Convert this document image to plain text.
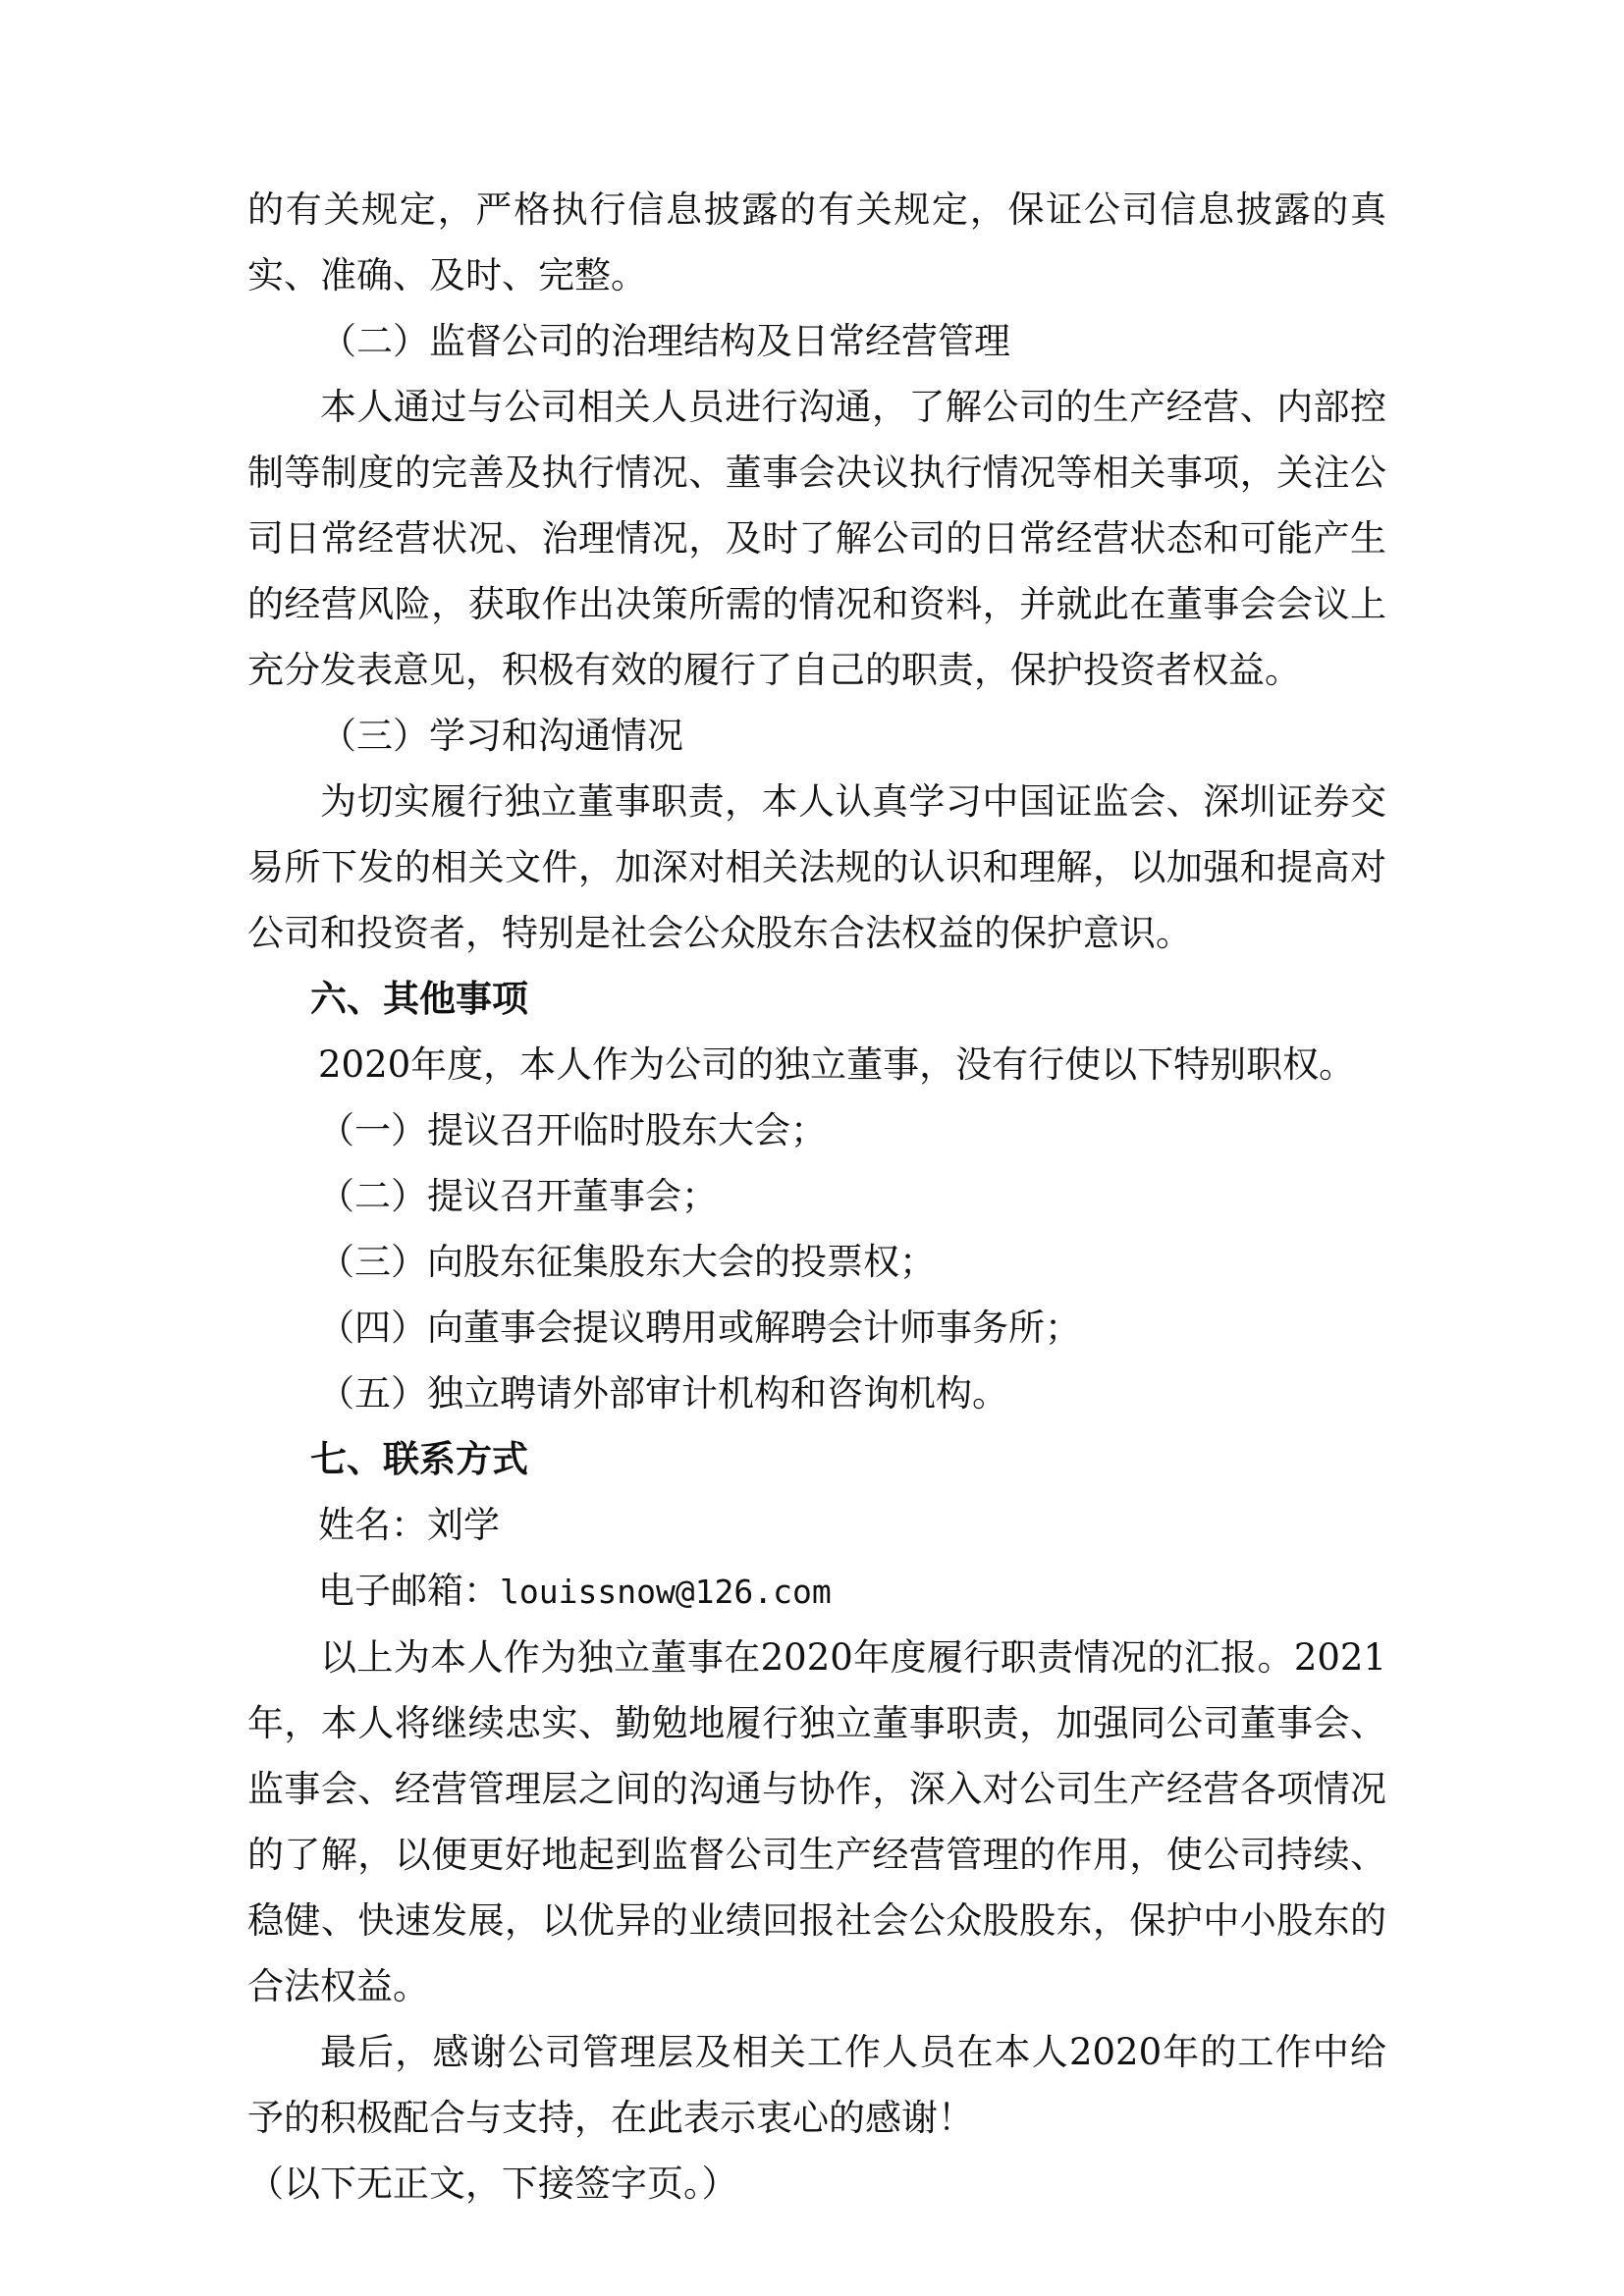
的有关规定，严格执行信息披露的有关规定，保证公司信息披露的真实、准确、及时、完整。

（二）监督公司的治理结构及日常经营管理

本人通过与公司相关人员进行沟通，了解公司的生产经营、内部控制等制度的完善及执行情况、董事会决议执行情况等相关事项，关注公司日常经营状况、治理情况，及时了解公司的日常经营状态和可能产生的经营风险，获取作出决策所需的情况和资料，并就此在董事会会议上充分发表意见，积极有效的履行了自己的职责，保护投资者权益。

（三）学习和沟通情况

为切实履行独立董事职责，本人认真学习中国证监会、深圳证券交易所下发的相关文件，加深对相关法规的认识和理解，以加强和提高对公司和投资者，特别是社会公众股东合法权益的保护意识。

六、其他事项

2020年度，本人作为公司的独立董事，没有行使以下特别职权。

（一）提议召开临时股东大会；

（二）提议召开董事会；

（三）向股东征集股东大会的投票权；

（四）向董事会提议聘用或解聘会计师事务所；

（五）独立聘请外部审计机构和咨询机构。

七、联系方式

姓名：刘学

电子邮箱：louissnow@126.com

以上为本人作为独立董事在2020年度履行职责情况的汇报。2021年，本人将继续忠实、勤勉地履行独立董事职责，加强同公司董事会、监事会、经营管理层之间的沟通与协作，深入对公司生产经营各项情况的了解，以便更好地起到监督公司生产经营管理的作用，使公司持续、稳健、快速发展，以优异的业绩回报社会公众股股东，保护中小股东的合法权益。

最后，感谢公司管理层及相关工作人员在本人2020年的工作中给予的积极配合与支持，在此表示衷心的感谢！

（以下无正文，下接签字页。）
